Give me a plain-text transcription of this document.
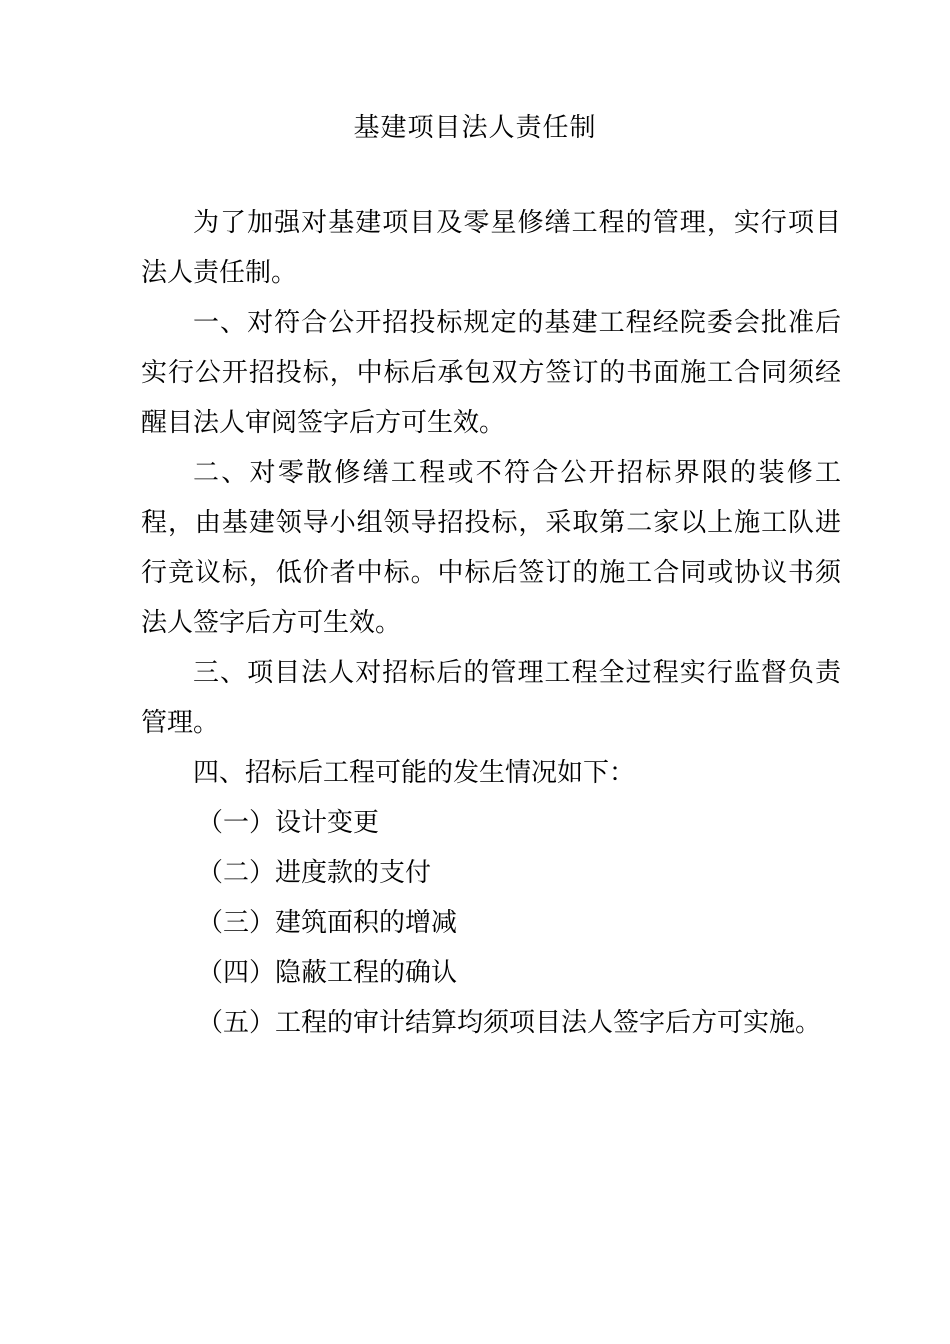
基建项目法人责任制

为了加强对基建项目及零星修缮工程的管理，实行项目法人责任制。

一、对符合公开招投标规定的基建工程经院委会批准后实行公开招投标，中标后承包双方签订的书面施工合同须经醒目法人审阅签字后方可生效。

二、对零散修缮工程或不符合公开招标界限的装修工程，由基建领导小组领导招投标，采取第二家以上施工队进行竞议标，低价者中标。中标后签订的施工合同或协议书须法人签字后方可生效。

三、项目法人对招标后的管理工程全过程实行监督负责管理。

四、招标后工程可能的发生情况如下：

（一）设计变更

（二）进度款的支付

（三）建筑面积的增减

（四）隐蔽工程的确认

（五）工程的审计结算均须项目法人签字后方可实施。
